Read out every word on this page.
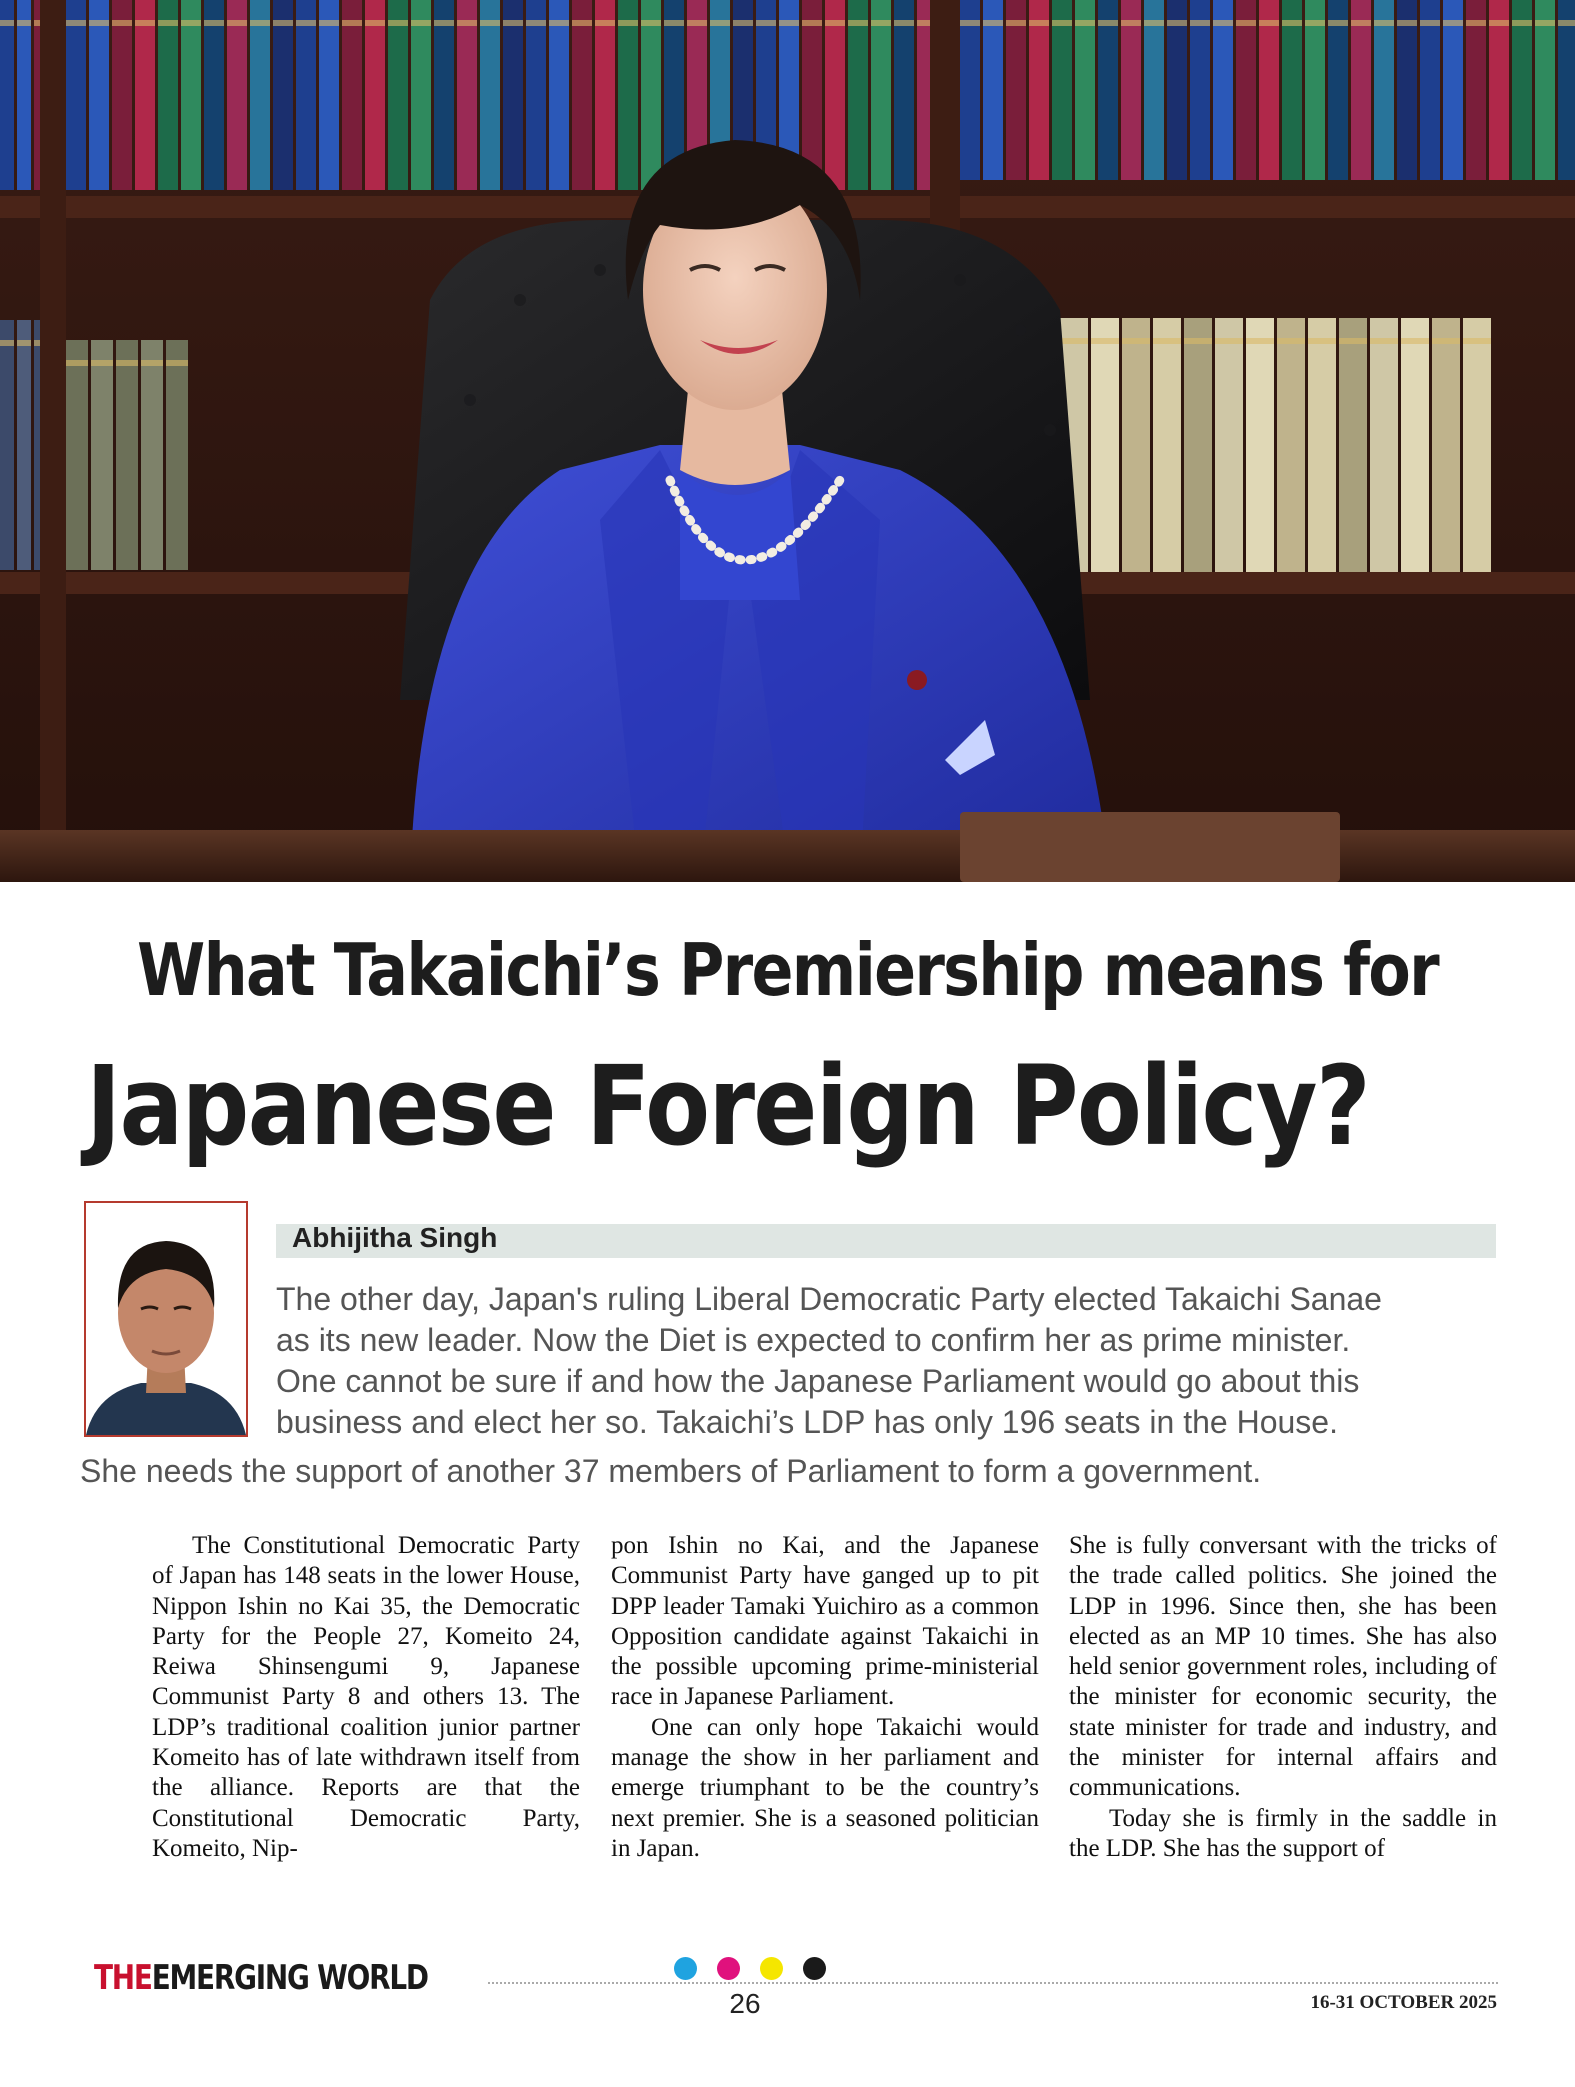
What Takaichi’s Premiership means for
Japanese Foreign Policy?
Abhijitha Singh
The other day, Japan's ruling Liberal Democratic Party elected Takaichi Sanae
as its new leader. Now the Diet is expected to confirm her as prime minister.
One cannot be sure if and how the Japanese Parliament would go about this
business and elect her so. Takaichi’s LDP has only 196 seats in the House.
She needs the support of another 37 members of Parliament to form a government.

The Constitutional Democratic Party of Japan has 148 seats in the lower House, Nippon Ishin no Kai 35, the Democratic Party for the People 27, Komeito 24, Reiwa Shinsengumi 9, Japanese Communist Party 8 and others 13. The LDP’s traditional coalition junior partner Komeito has of late withdrawn itself from the alliance. Reports are that the Constitutional Democratic Party, Komeito, Nip-

pon Ishin no Kai, and the Japanese Communist Party have ganged up to pit DPP leader Tamaki Yuichiro as a common Opposition candidate against Takaichi in the possible upcoming prime-ministerial race in Japanese Parliament.

One can only hope Takaichi would manage the show in her parliament and emerge triumphant to be the country’s next premier. She is a seasoned politician in Japan.

She is fully conversant with the tricks of the trade called politics. She joined the LDP in 1996. Since then, she has been elected as an MP 10 times. She has also held senior government roles, including of the minister for economic security, the state minister for trade and industry, and the minister for internal affairs and communications.

Today she is firmly in the saddle in the LDP. She has the support of

THEEMERGING WORLD
26	16-31 OCTOBER 2025
